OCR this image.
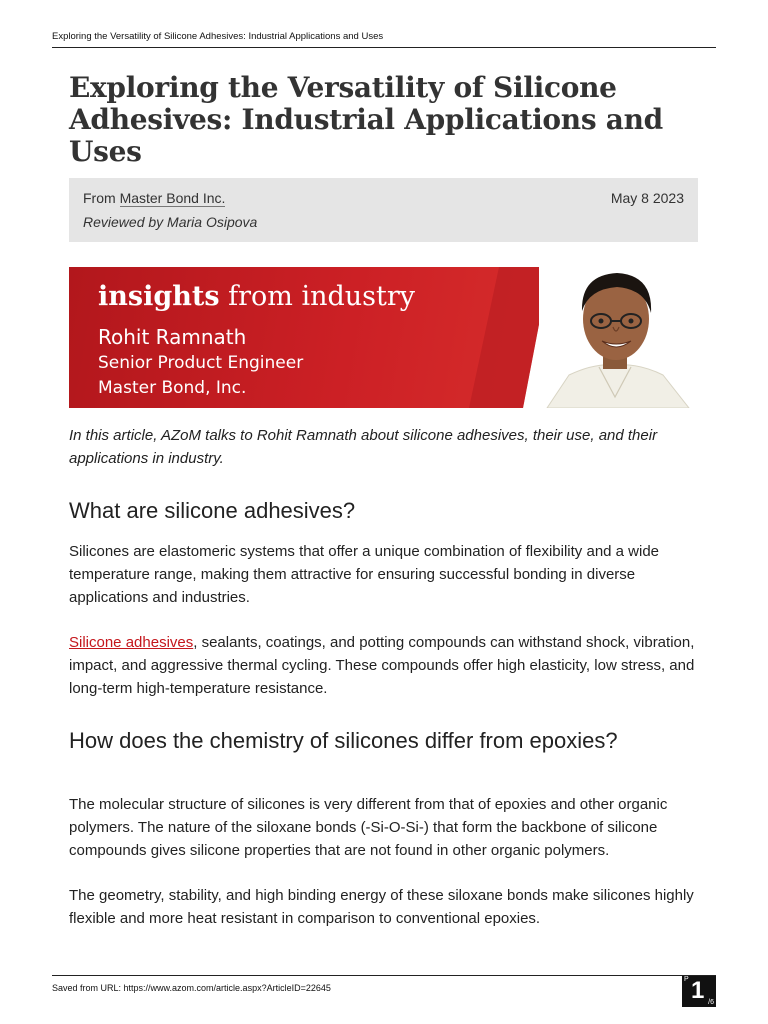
Exploring the Versatility of Silicone Adhesives: Industrial Applications and Uses
Exploring the Versatility of Silicone Adhesives: Industrial Applications and Uses
From Master Bond Inc.	May 8 2023
Reviewed by Maria Osipova
insights from industry
Rohit Ramnath
Senior Product Engineer
Master Bond, Inc.

In this article, AZoM talks to Rohit Ramnath about silicone adhesives, their use, and their applications in industry.

What are silicone adhesives?

Silicones are elastomeric systems that offer a unique combination of flexibility and a wide temperature range, making them attractive for ensuring successful bonding in diverse applications and industries.

Silicone adhesives, sealants, coatings, and potting compounds can withstand shock, vibration, impact, and aggressive thermal cycling. These compounds offer high elasticity, low stress, and long-term high-temperature resistance.

How does the chemistry of silicones differ from epoxies?

The molecular structure of silicones is very different from that of epoxies and other organic polymers. The nature of the siloxane bonds (-Si-O-Si-) that form the backbone of silicone compounds gives silicone properties that are not found in other organic polymers.

The geometry, stability, and high binding energy of these siloxane bonds make silicones highly flexible and more heat resistant in comparison to conventional epoxies.

Saved from URL: https://www.azom.com/article.aspx?ArticleID=22645
P 1 /6
